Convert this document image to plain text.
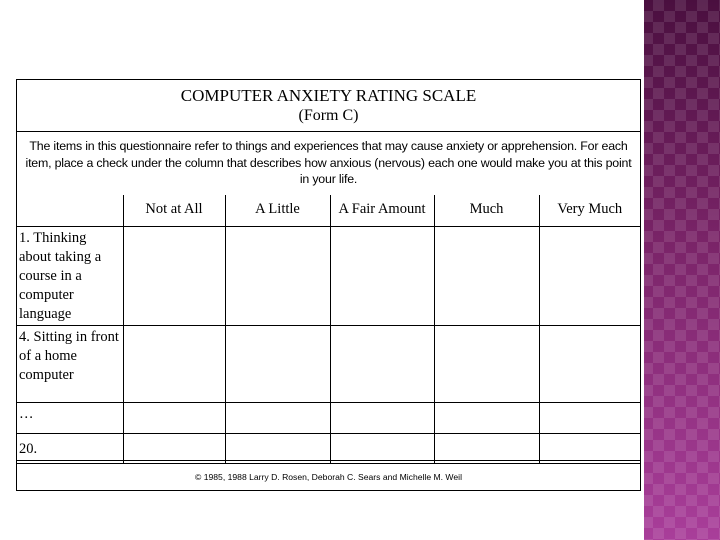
COMPUTER ANXIETY RATING SCALE
(Form C)
The items in this questionnaire refer to things and experiences that may cause anxiety or apprehension. For each item, place a check under the column that describes how anxious (nervous) each one would make you at this point in your life.
	Not at All	A Little	A Fair Amount	Much	Very Much
1. Thinking about taking a course in a computer language					
4. Sitting in front of a home computer					
…					
20.					
© 1985, 1988 Larry D. Rosen, Deborah C. Sears and Michelle M. Weil
